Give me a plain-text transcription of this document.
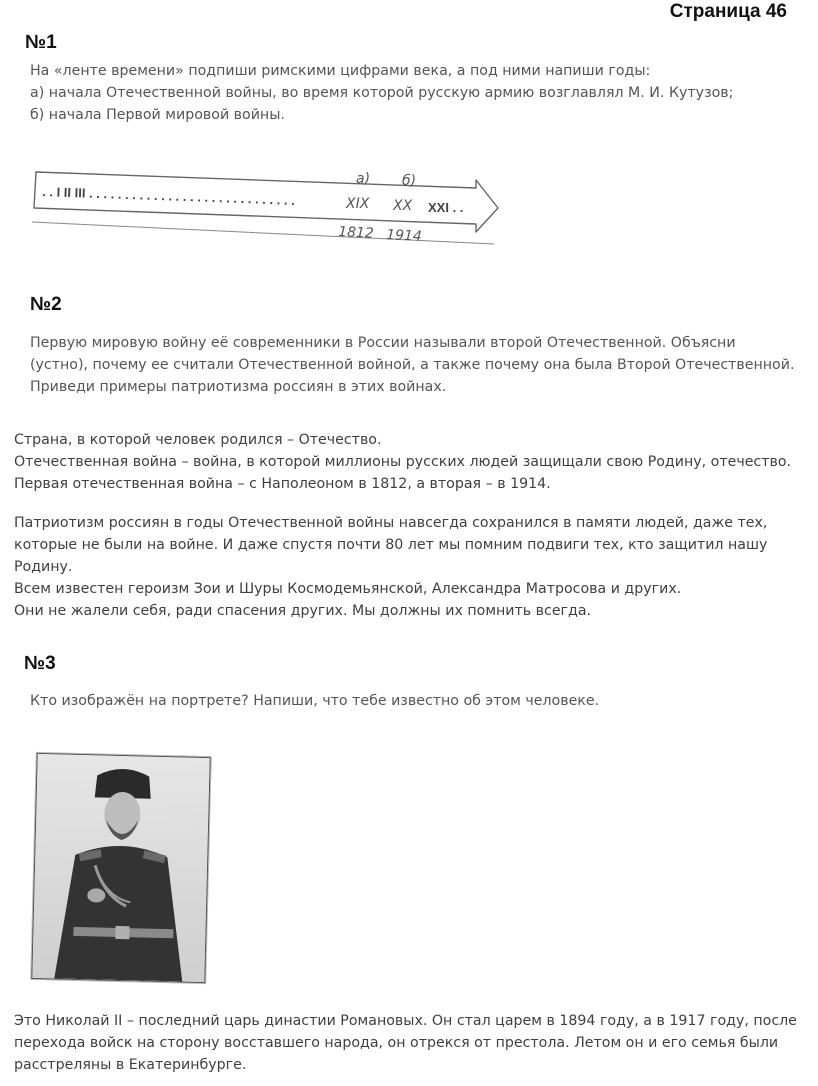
Страница 46
№1
На «ленте времени» подпиши римскими цифрами века, а под ними напиши годы:
а) начала Отечественной войны, во время которой русскую армию возглавлял М. И. Кутузов;
б) начала Первой мировой войны.
. . I II III . . . . . . . . . . . . . . . . . . . . . . . . . . . . .
а) б)
XIX XX XXI . .
1812 1914
№2
Первую мировую войну её современники в России называли второй Отечественной. Объясни
(устно), почему ее считали Отечественной войной, а также почему она была Второй Отечественной.
Приведи примеры патриотизма россиян в этих войнах.
Страна, в которой человек родился – Отечество.
Отечественная война – война, в которой миллионы русских людей защищали свою Родину, отечество.
Первая отечественная война – с Наполеоном в 1812, а вторая – в 1914.
Патриотизм россиян в годы Отечественной войны навсегда сохранился в памяти людей, даже тех,
которые не были на войне. И даже спустя почти 80 лет мы помним подвиги тех, кто защитил нашу
Родину.
Всем известен героизм Зои и Шуры Космодемьянской, Александра Матросова и других.
Они не жалели себя, ради спасения других. Мы должны их помнить всегда.
№3
Кто изображён на портрете? Напиши, что тебе известно об этом человеке.
Это Николай II – последний царь династии Романовых. Он стал царем в 1894 году, а в 1917 году, после
перехода войск на сторону восставшего народа, он отрекся от престола. Летом он и его семья были
расстреляны в Екатеринбурге.
